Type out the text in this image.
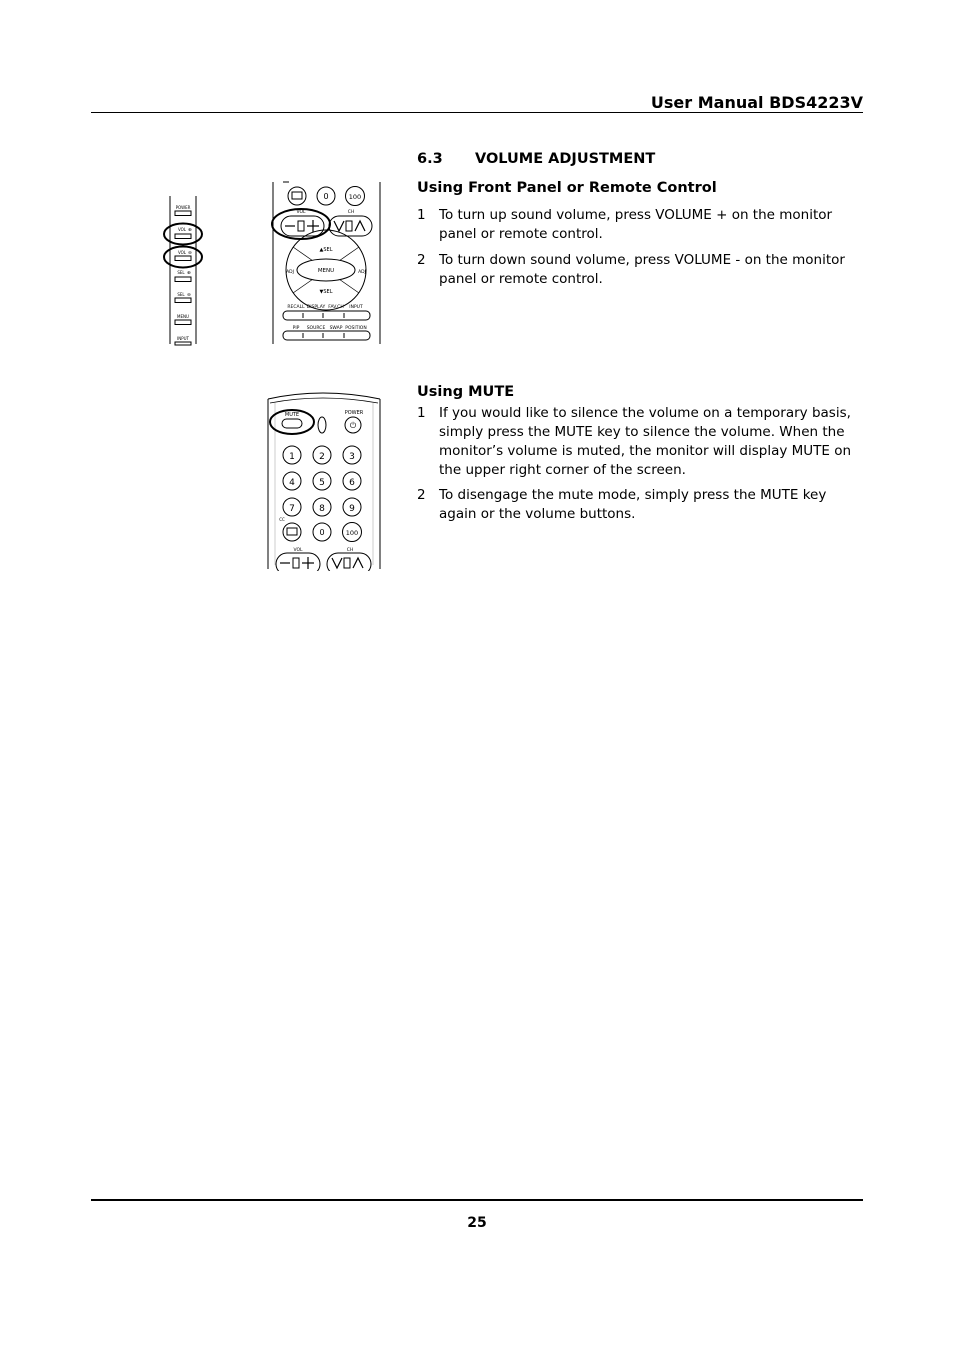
User Manual BDS4223V
6.3 VOLUME ADJUSTMENT
Using Front Panel or Remote Control
1 To turn up sound volume, press VOLUME + on the monitor panel or remote control.
2 To turn down sound volume, press VOLUME - on the monitor panel or remote control.
Using MUTE
1 If you would like to silence the volume on a temporary basis, simply press the MUTE key to silence the volume. When the monitor’s volume is muted, the monitor will display MUTE on the upper right corner of the screen.
2 To disengage the mute mode, simply press the MUTE key again or the volume buttons.
POWER
VOL ⊕
VOL ⊖
SEL ⊕
SEL ⊖
MENU
INPUT
0	100
VOL	CH
▲SEL
▼SEL
ADJ	ADJ
MENU
RECALL DISPLAY FAV.CH INPUT
PIP SOURCE SWAP POSITION
MUTE	POWER
⏻
1	2	3
4	5	6
7	8	9
0	100
CC
VOL	CH
25
